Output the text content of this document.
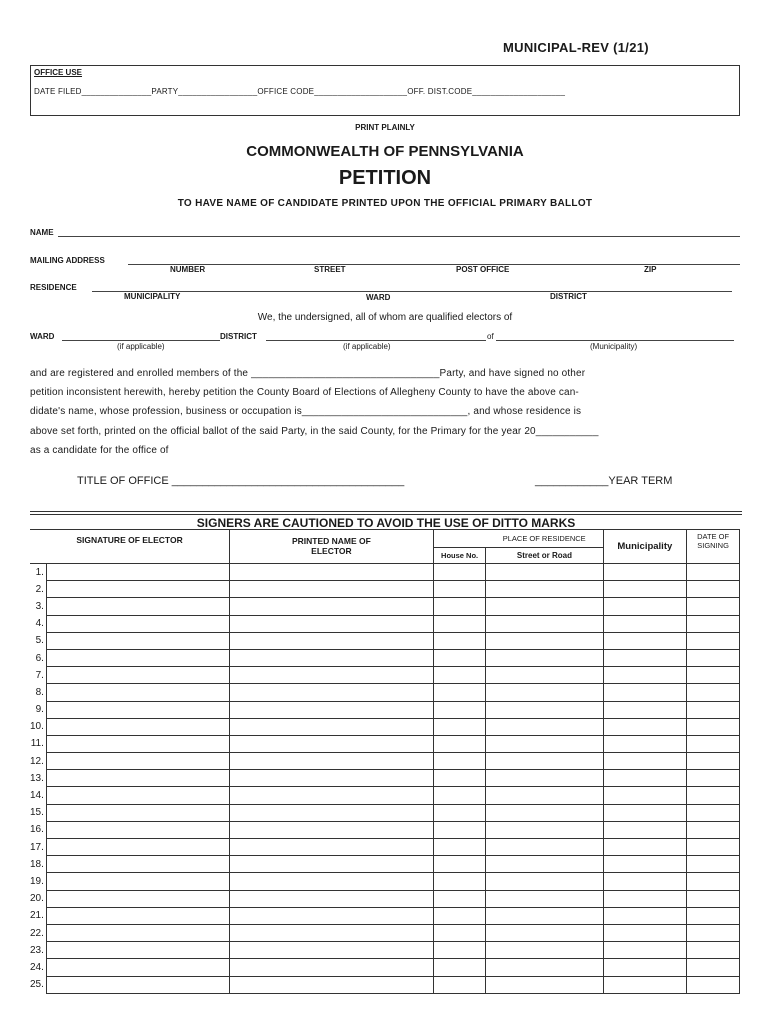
MUNICIPAL-REV (1/21)
OFFICE USE
DATE FILED_______________PARTY_________________OFFICE CODE____________________OFF. DIST.CODE____________________
PRINT PLAINLY
COMMONWEALTH OF PENNSYLVANIA
PETITION
TO HAVE NAME OF CANDIDATE PRINTED UPON THE OFFICIAL PRIMARY BALLOT
NAME
MAILING ADDRESS
NUMBER	STREET	POST OFFICE	ZIP
RESIDENCE
MUNICIPALITY	WARD	DISTRICT
We, the undersigned, all of whom are qualified electors of
WARD	DISTRICT	of
(if applicable)	(if applicable)	(Municipality)
and are registered and enrolled members of the _________________________________Party, and have signed no other
petition inconsistent herewith, hereby petition the County Board of Elections of Allegheny County to have the above can-
didate's name, whose profession, business or occupation is_____________________________, and whose residence is
above set forth, printed on the official ballot of the said Party, in the said County, for the Primary for the year 20___________
as a candidate for the office of
TITLE OF OFFICE ______________________________________	____________YEAR TERM
SIGNERS ARE CAUTIONED TO AVOID THE USE OF DITTO MARKS
SIGNATURE OF ELECTOR		PRINTED NAME OF ELECTOR		PLACE OF RESIDENCE	Municipality	DATE OF SIGNING
			House No.	Street or Road		
1.						
2.						
3.						
4.						
5.						
6.						
7.						
8.						
9.						
10.						
11.						
12.						
13.						
14.						
15.						
16.						
17.						
18.						
19.						
20.						
21.						
22.						
23.						
24.						
25.						
